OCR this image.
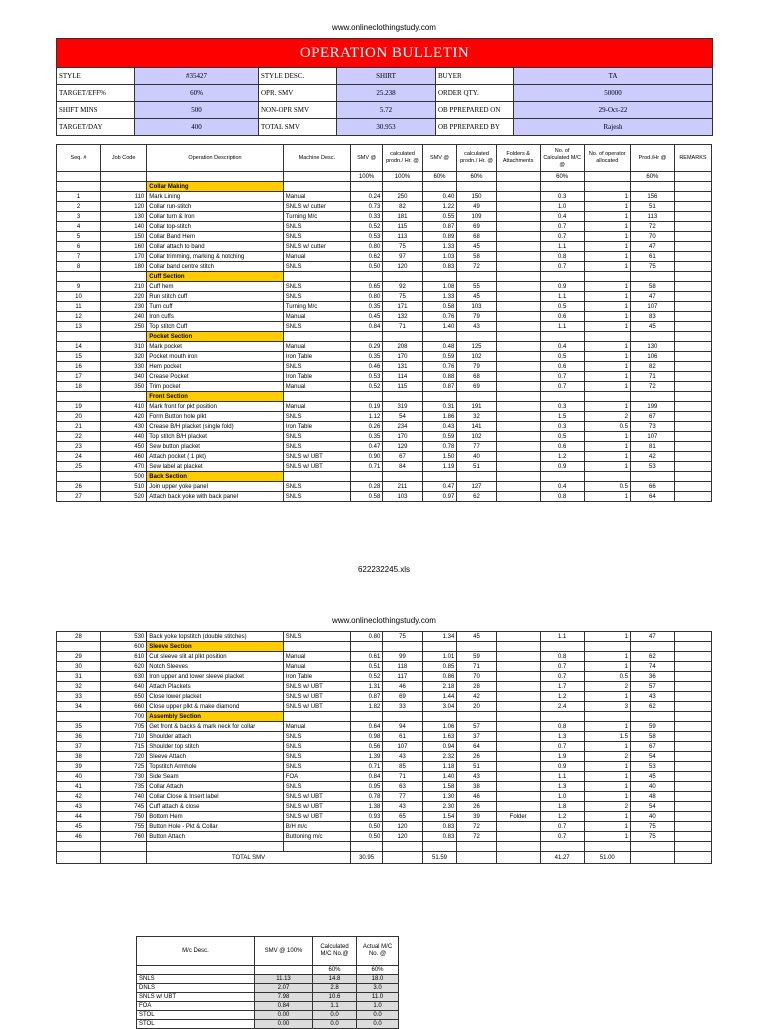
www.onlineclothingstudy.com
OPERATION BULLETIN					
STYLE	#35427	STYLE DESC.	SHIRT	BUYER	TA
TARGET/EFF%	60%	OPR. SMV	25.238	ORDER QTY.	50000
SHIFT MINS	500	NON-OPR SMV	5.72	OB PPREPARED ON	29-Oct-22
TARGET/DAY	400	TOTAL SMV	30.953	OB PPREPARED BY	Rajesh
Seq. #	Job Code	Operation Description	Machine Desc.	SMV @	calculated prodn./ Hr. @	SMV @	calculated prodn./ Hr. @	Folders & Attachments	No. of Calculated M/C @	No. of operator allocated	Prod./Hr @	REMARKS
				100%	100%	60%	60%		60%		60%	
		Collar Making										
1	110	Mark Lining	Manual	0.24	250	0.40	150		0.3	1	156	
2	120	Collar run-stitch	SNLS w/ cutter	0.73	82	1.22	49		1.0	1	51	
3	130	Collar turn & Iron	Turning M/c	0.33	181	0.55	109		0.4	1	113	
4	140	Collar top-stitch	SNLS	0.52	115	0.87	69		0.7	1	72	
5	150	Collar Band Hem	SNLS	0.53	113	0.89	68		0.7	1	70	
6	160	Collar attach to band	SNLS w/ cutter	0.80	75	1.33	45		1.1	1	47	
7	170	Collar trimming, marking & notching	Manual	0.62	97	1.03	58		0.8	1	61	
8	180	Collar band centre stitch	SNLS	0.50	120	0.83	72		0.7	1	75	
		Cuff Section										
9	210	Cuff hem	SNLS	0.65	92	1.08	55		0.9	1	58	
10	220	Run stitch cuff	SNLS	0.80	75	1.33	45		1.1	1	47	
11	230	Turn cuff	Turning M/c	0.35	171	0.58	103		0.5	1	107	
12	240	Iron cuffs	Manual	0.45	132	0.76	79		0.6	1	83	
13	250	Top stitch Cuff	SNLS	0.84	71	1.40	43		1.1	1	45	
		Pocket Section										
14	310	Mark pocket	Manual	0.29	208	0.48	125		0.4	1	130	
15	320	Pocket mouth iron	Iron Table	0.35	170	0.59	102		0.5	1	106	
16	330	Hem pocket	SNLS	0.46	131	0.76	79		0.6	1	82	
17	340	Crease Pocket	Iron Table	0.53	114	0.88	68		0.7	1	71	
18	350	Trim pocket	Manual	0.52	115	0.87	69		0.7	1	72	
		Front Section										
19	410	Mark front for pkt position	Manual	0.19	319	0.31	191		0.3	1	199	
20	420	Form Button hole plkt	SNLS	1.12	54	1.86	32		1.5	2	67	
21	430	Crease B/H placket (single fold)	Iron Table	0.26	234	0.43	141		0.3	0.5	73	
22	440	Top stitch B/H placket	SNLS	0.35	170	0.59	102		0.5	1	107	
23	450	Sew button placket	SNLS	0.47	129	0.78	77		0.6	1	81	
24	460	Attach pocket ( 1 pkt)	SNLS w/ UBT	0.90	67	1.50	40		1.2	1	42	
25	470	Sew label at placket	SNLS w/ UBT	0.71	84	1.19	51		0.9	1	53	
	500	Back Section										
26	510	Join upper yoke panel	SNLS	0.28	211	0.47	127		0.4	0.5	66	
27	520	Attach back yoke with back panel	SNLS	0.58	103	0.97	62		0.8	1	64	
622232245.xls
www.onlineclothingstudy.com
28	530	Back yoke topstitch (double stitches)	SNLS	0.80	75	1.34	45		1.1	1	47	
	600	Sleeve Section										
29	610	Cut sleeve slit at plkt position	Manual	0.61	99	1.01	59		0.8	1	62	
30	620	Notch Sleeves	Manual	0.51	118	0.85	71		0.7	1	74	
31	630	Iron upper and lower sleeve placket	Iron Table	0.52	117	0.86	70		0.7	0.5	36	
32	640	Attach Plackets	SNLS w/ UBT	1.31	46	2.18	28		1.7	2	57	
33	650	Close lower placket	SNLS w/ UBT	0.87	69	1.44	42		1.2	1	43	
34	660	Close upper plkt & make diamond	SNLS w/ UBT	1.82	33	3.04	20		2.4	3	62	
	700	Assembly Section										
35	705	Get front & backs & mark neck for collar	Manual	0.64	94	1.06	57		0.8	1	59	
36	710	Shoulder attach	SNLS	0.98	61	1.63	37		1.3	1.5	58	
37	715	Shoulder top stitch	SNLS	0.56	107	0.94	64		0.7	1	67	
38	720	Sleeve Attach	SNLS	1.39	43	2.32	26		1.9	2	54	
39	725	Topstitch Armhole	SNLS	0.71	85	1.18	51		0.9	1	53	
40	730	Side Seam	FOA	0.84	71	1.40	43		1.1	1	45	
41	735	Collar Attach	SNLS	0.95	63	1.58	38		1.3	1	40	
42	740	Collar Close & Insert label	SNLS w/ UBT	0.78	77	1.30	46		1.0	1	48	
43	745	Cuff attach & close	SNLS w/ UBT	1.38	43	2.30	26		1.8	2	54	
44	750	Bottom Hem	SNLS w/ UBT	0.93	65	1.54	39	Folder	1.2	1	40	
45	755	Button Hole - Pkt & Collar	B/H m/c	0.50	120	0.83	72		0.7	1	75	
46	760	Button Attach	Buttoning m/c	0.50	120	0.83	72		0.7	1	75	

		TOTAL SMV		30.95		51.59			41.27	51.00		
M/c Desc.	SMV @ 100%	Calculated M/C No.@	Actual M/C No. @
		60%	60%
SNLS	11.13	14.8	18.0
DNLS	2.07	2.8	3.0
SNLS w/ UBT	7.98	10.6	11.0
FOA	0.84	1.1	1.0
STOL	0.00	0.0	0.0
STOL	0.00	0.0	0.0
